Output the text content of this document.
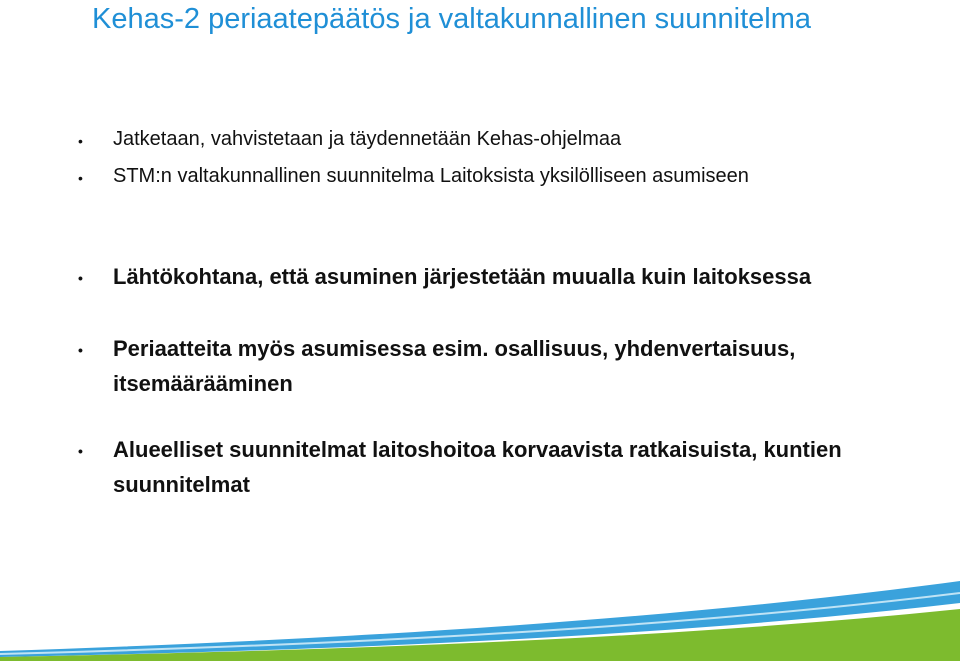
Kehas-2 periaatepäätös ja valtakunnallinen suunnitelma
• Jatketaan, vahvistetaan ja täydennetään Kehas-ohjelmaa
• STM:n valtakunnallinen suunnitelma Laitoksista yksilölliseen asumiseen
• Lähtökohtana, että asuminen järjestetään muualla kuin laitoksessa
• Periaatteita myös asumisessa esim. osallisuus, yhdenvertaisuus, itsemäärääminen
• Alueelliset suunnitelmat laitoshoitoa korvaavista ratkaisuista, kuntien suunnitelmat
